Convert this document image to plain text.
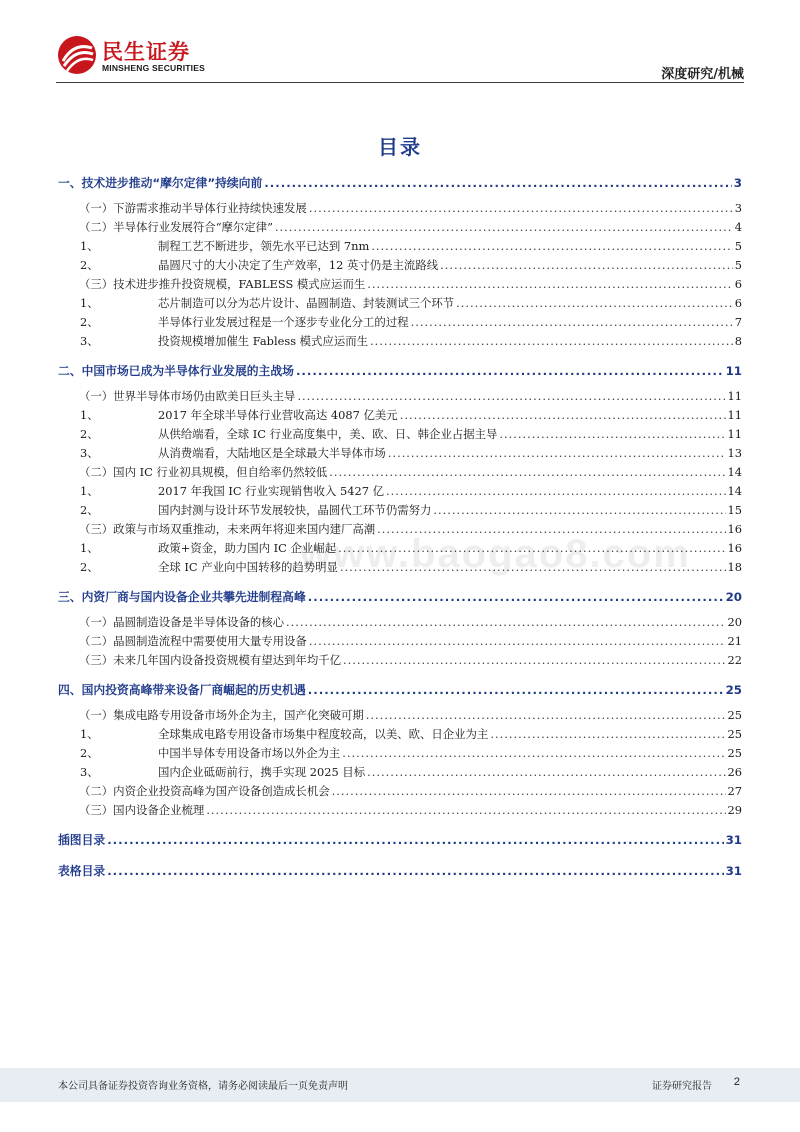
民生证券
MINSHENG SECURITIES	深度研究/机械
目录
www.baogao8.com
一、技术进步推动“摩尔定律”持续向前 .....	3
（一）下游需求推动半导体行业持续快速发展 .....	3
（二）半导体行业发展符合“摩尔定律” .....	4
1、	制程工艺不断进步，领先水平已达到 7nm .....	5
2、	晶圆尺寸的大小决定了生产效率，12 英寸仍是主流路线 .....	5
（三）技术进步推升投资规模，FABLESS 模式应运而生 .....	6
1、	芯片制造可以分为芯片设计、晶圆制造、封装测试三个环节 .....	6
2、	半导体行业发展过程是一个逐步专业化分工的过程 .....	7
3、	投资规模增加催生 Fabless 模式应运而生 .....	8
二、中国市场已成为半导体行业发展的主战场 .....	11
（一）世界半导体市场仍由欧美日巨头主导 .....	11
1、	2017 年全球半导体行业营收高达 4087 亿美元 .....	11
2、	从供给端看，全球 IC 行业高度集中，美、欧、日、韩企业占据主导 .....	11
3、	从消费端看，大陆地区是全球最大半导体市场 .....	13
（二）国内 IC 行业初具规模，但自给率仍然较低 .....	14
1、	2017 年我国 IC 行业实现销售收入 5427 亿 .....	14
2、	国内封测与设计环节发展较快，晶圆代工环节仍需努力 .....	15
（三）政策与市场双重推动，未来两年将迎来国内建厂高潮 .....	16
1、	政策+资金，助力国内 IC 企业崛起 .....	16
2、	全球 IC 产业向中国转移的趋势明显 .....	18
三、内资厂商与国内设备企业共攀先进制程高峰 .....	20
（一）晶圆制造设备是半导体设备的核心 .....	20
（二）晶圆制造流程中需要使用大量专用设备 .....	21
（三）未来几年国内设备投资规模有望达到年均千亿 .....	22
四、国内投资高峰带来设备厂商崛起的历史机遇 .....	25
（一）集成电路专用设备市场外企为主，国产化突破可期 .....	25
1、	全球集成电路专用设备市场集中程度较高，以美、欧、日企业为主 .....	25
2、	中国半导体专用设备市场以外企为主 .....	25
3、	国内企业砥砺前行，携手实现 2025 目标 .....	26
（二）内资企业投资高峰为国产设备创造成长机会 .....	27
（三）国内设备企业梳理 .....	29
插图目录 .....	31
表格目录 .....	31
本公司具备证券投资咨询业务资格，请务必阅读最后一页免责声明	证券研究报告 2
